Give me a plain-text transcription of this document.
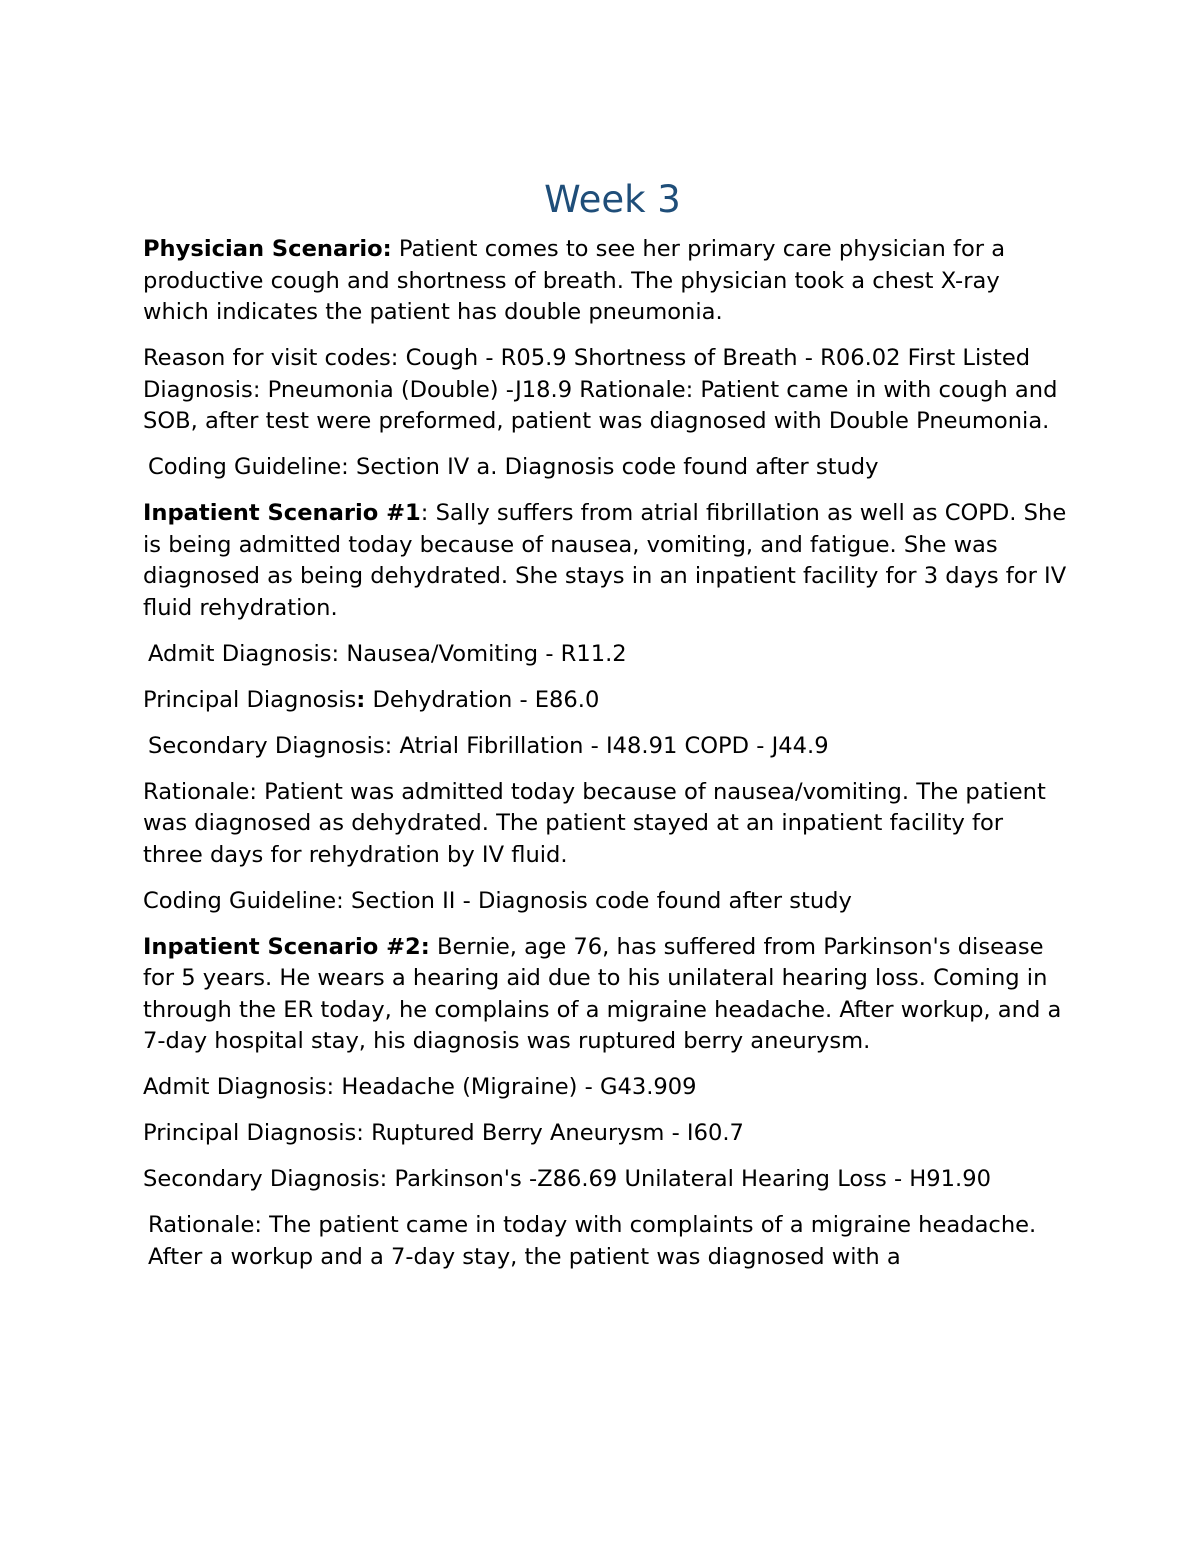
Week 3

Physician Scenario: Patient comes to see her primary care physician for a productive cough and shortness of breath. The physician took a chest X-ray which indicates the patient has double pneumonia.

Reason for visit codes: Cough - R05.9 Shortness of Breath - R06.02 First Listed Diagnosis: Pneumonia (Double) -J18.9 Rationale: Patient came in with cough and SOB, after test were preformed, patient was diagnosed with Double Pneumonia.

Coding Guideline: Section IV a. Diagnosis code found after study

Inpatient Scenario #1: Sally suffers from atrial fibrillation as well as COPD. She is being admitted today because of nausea, vomiting, and fatigue. She was diagnosed as being dehydrated. She stays in an inpatient facility for 3 days for IV fluid rehydration.

Admit Diagnosis: Nausea/Vomiting - R11.2

Principal Diagnosis: Dehydration - E86.0

Secondary Diagnosis: Atrial Fibrillation - I48.91 COPD - J44.9

Rationale: Patient was admitted today because of nausea/vomiting. The patient was diagnosed as dehydrated. The patient stayed at an inpatient facility for three days for rehydration by IV fluid.

Coding Guideline: Section II - Diagnosis code found after study

Inpatient Scenario #2: Bernie, age 76, has suffered from Parkinson's disease for 5 years. He wears a hearing aid due to his unilateral hearing loss. Coming in through the ER today, he complains of a migraine headache. After workup, and a 7-day hospital stay, his diagnosis was ruptured berry aneurysm.

Admit Diagnosis: Headache (Migraine) - G43.909

Principal Diagnosis: Ruptured Berry Aneurysm - I60.7

Secondary Diagnosis: Parkinson's -Z86.69 Unilateral Hearing Loss - H91.90

Rationale: The patient came in today with complaints of a migraine headache. After a workup and a 7-day stay, the patient was diagnosed with a
